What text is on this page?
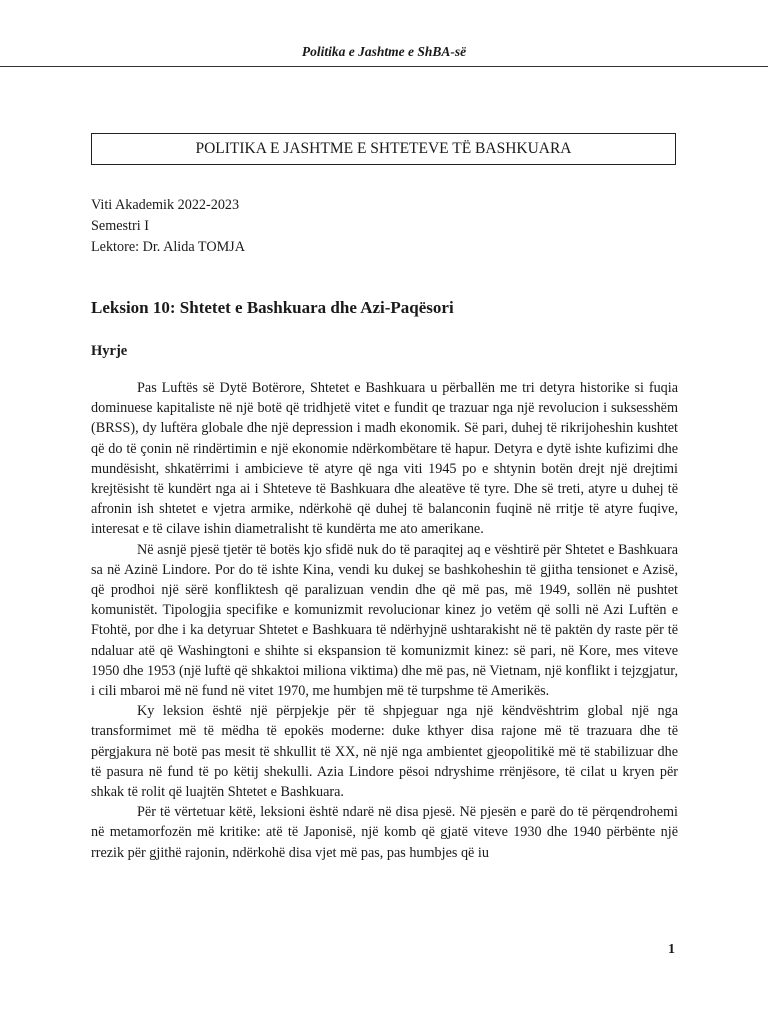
Politika e Jashtme e ShBA-së
POLITIKA E JASHTME E SHTETEVE TË BASHKUARA
Viti Akademik 2022-2023
Semestri I
Lektore: Dr. Alida TOMJA
Leksion 10: Shtetet e Bashkuara dhe Azi-Paqësori
Hyrje

Pas Luftës së Dytë Botërore, Shtetet e Bashkuara u përballën me tri detyra historike si fuqia dominuese kapitaliste në një botë që tridhjetë vitet e fundit qe trazuar nga një revolucion i suksesshëm (BRSS), dy luftëra globale dhe një depression i madh ekonomik. Së pari, duhej të rikrijoheshin kushtet që do të çonin në rindërtimin e një ekonomie ndërkombëtare të hapur. Detyra e dytë ishte kufizimi dhe mundësisht, shkatërrimi i ambicieve të atyre që nga viti 1945 po e shtynin botën drejt një drejtimi krejtësisht të kundërt nga ai i Shteteve të Bashkuara dhe aleatëve të tyre. Dhe së treti, atyre u duhej të afronin ish shtetet e vjetra armike, ndërkohë që duhej të balanconin fuqinë në rritje të atyre fuqive, interesat e të cilave ishin diametralisht të kundërta me ato amerikane.

Në asnjë pjesë tjetër të botës kjo sfidë nuk do të paraqitej aq e vështirë për Shtetet e Bashkuara sa në Azinë Lindore. Por do të ishte Kina, vendi ku dukej se bashkoheshin të gjitha tensionet e Azisë, që prodhoi një sërë konfliktesh që paralizuan vendin dhe që më pas, më 1949, sollën në pushtet komunistët. Tipologjia specifike e komunizmit revolucionar kinez jo vetëm që solli në Azi Luftën e Ftohtë, por dhe i ka detyruar Shtetet e Bashkuara të ndërhyjnë ushtarakisht në të paktën dy raste për të ndaluar atë që Washingtoni e shihte si ekspansion të komunizmit kinez: së pari, në Kore, mes viteve 1950 dhe 1953 (një luftë që shkaktoi miliona viktima) dhe më pas, në Vietnam, një konflikt i tejzgjatur, i cili mbaroi më në fund në vitet 1970, me humbjen më të turpshme të Amerikës.

Ky leksion është një përpjekje për të shpjeguar nga një këndvështrim global një nga transformimet më të mëdha të epokës moderne: duke kthyer disa rajone më të trazuara dhe të përgjakura në botë pas mesit të shkullit të XX, në një nga ambientet gjeopolitikë më të stabilizuar dhe të pasura në fund të po këtij shekulli. Azia Lindore pësoi ndryshime rrënjësore, të cilat u kryen për shkak të rolit që luajtën Shtetet e Bashkuara.

Për të vërtetuar këtë, leksioni është ndarë në disa pjesë. Në pjesën e parë do të përqendrohemi në metamorfozën më kritike: atë të Japonisë, një komb që gjatë viteve 1930 dhe 1940 përbënte një rrezik për gjithë rajonin, ndërkohë disa vjet më pas, pas humbjes që iu

1
